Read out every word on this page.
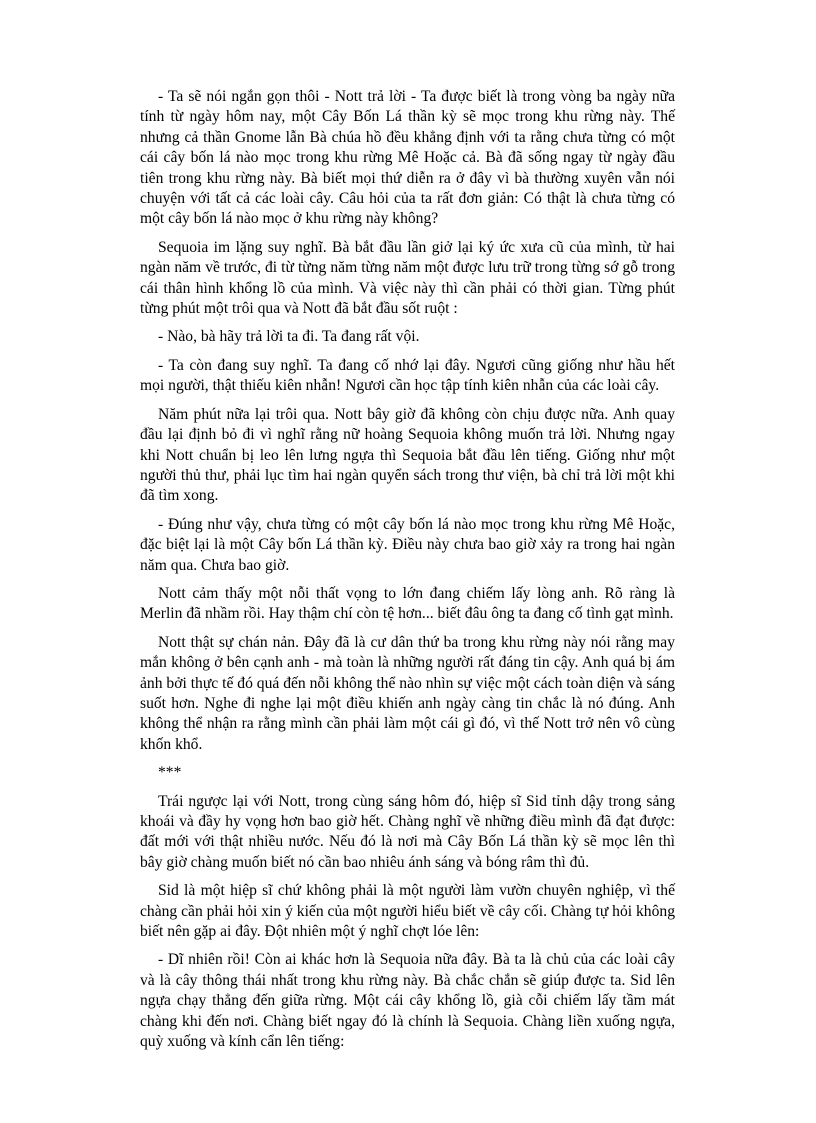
- Ta sẽ nói ngắn gọn thôi - Nott trả lời - Ta được biết là trong vòng ba ngày nữa tính từ ngày hôm nay, một Cây Bốn Lá thần kỳ sẽ mọc trong khu rừng này. Thế nhưng cả thần Gnome lẫn Bà chúa hồ đều khẳng định với ta rằng chưa từng có một cái cây bốn lá nào mọc trong khu rừng Mê Hoặc cả. Bà đã sống ngay từ ngày đầu tiên trong khu rừng này. Bà biết mọi thứ diễn ra ở đây vì bà thường xuyên vẫn nói chuyện với tất cả các loài cây. Câu hỏi của ta rất đơn giản: Có thật là chưa từng có một cây bốn lá nào mọc ở khu rừng này không?

Sequoia im lặng suy nghĩ. Bà bắt đầu lần giở lại ký ức xưa cũ của mình, từ hai ngàn năm về trước, đi từ từng năm từng năm một được lưu trữ trong từng sớ gỗ trong cái thân hình khổng lồ của mình. Và việc này thì cần phải có thời gian. Từng phút từng phút một trôi qua và Nott đã bắt đầu sốt ruột :

- Nào, bà hãy trả lời ta đi. Ta đang rất vội.

- Ta còn đang suy nghĩ. Ta đang cố nhớ lại đây. Ngươi cũng giống như hầu hết mọi người, thật thiếu kiên nhẫn! Ngươi cần học tập tính kiên nhẫn của các loài cây.

Năm phút nữa lại trôi qua. Nott bây giờ đã không còn chịu được nữa. Anh quay đầu lại định bỏ đi vì nghĩ rằng nữ hoàng Sequoia không muốn trả lời. Nhưng ngay khi Nott chuẩn bị leo lên lưng ngựa thì Sequoia bắt đầu lên tiếng. Giống như một người thủ thư, phải lục tìm hai ngàn quyển sách trong thư viện, bà chỉ trả lời một khi đã tìm xong.

- Đúng như vậy, chưa từng có một cây bốn lá nào mọc trong khu rừng Mê Hoặc, đặc biệt lại là một Cây bốn Lá thần kỳ. Điều này chưa bao giờ xảy ra trong hai ngàn năm qua. Chưa bao giờ.

Nott cảm thấy một nỗi thất vọng to lớn đang chiếm lấy lòng anh. Rõ ràng là Merlin đã nhầm rồi. Hay thậm chí còn tệ hơn... biết đâu ông ta đang cố tình gạt mình.

Nott thật sự chán nản. Đây đã là cư dân thứ ba trong khu rừng này nói rằng may mắn không ở bên cạnh anh - mà toàn là những người rất đáng tin cậy. Anh quá bị ám ảnh bởi thực tế đó quá đến nỗi không thể nào nhìn sự việc một cách toàn diện và sáng suốt hơn. Nghe đi nghe lại một điều khiến anh ngày càng tin chắc là nó đúng. Anh không thể nhận ra rằng mình cần phải làm một cái gì đó, vì thế Nott trở nên vô cùng khốn khổ.

***

Trái ngược lại với Nott, trong cùng sáng hôm đó, hiệp sĩ Sid tỉnh dậy trong sảng khoái và đầy hy vọng hơn bao giờ hết. Chàng nghĩ về những điều mình đã đạt được: đất mới với thật nhiều nước. Nếu đó là nơi mà Cây Bốn Lá thần kỳ sẽ mọc lên thì bây giờ chàng muốn biết nó cần bao nhiêu ánh sáng và bóng râm thì đủ.

Sid là một hiệp sĩ chứ không phải là một người làm vườn chuyên nghiệp, vì thế chàng cần phải hỏi xin ý kiến của một người hiểu biết về cây cối. Chàng tự hỏi không biết nên gặp ai đây. Đột nhiên một ý nghĩ chợt lóe lên:

- Dĩ nhiên rồi! Còn ai khác hơn là Sequoia nữa đây. Bà ta là chủ của các loài cây và là cây thông thái nhất trong khu rừng này. Bà chắc chắn sẽ giúp được ta. Sid lên ngựa chạy thẳng đến giữa rừng. Một cái cây khổng lồ, già cỗi chiếm lấy tầm mát chàng khi đến nơi. Chàng biết ngay đó là chính là Sequoia. Chàng liền xuống ngựa, quỳ xuống và kính cẩn lên tiếng:
